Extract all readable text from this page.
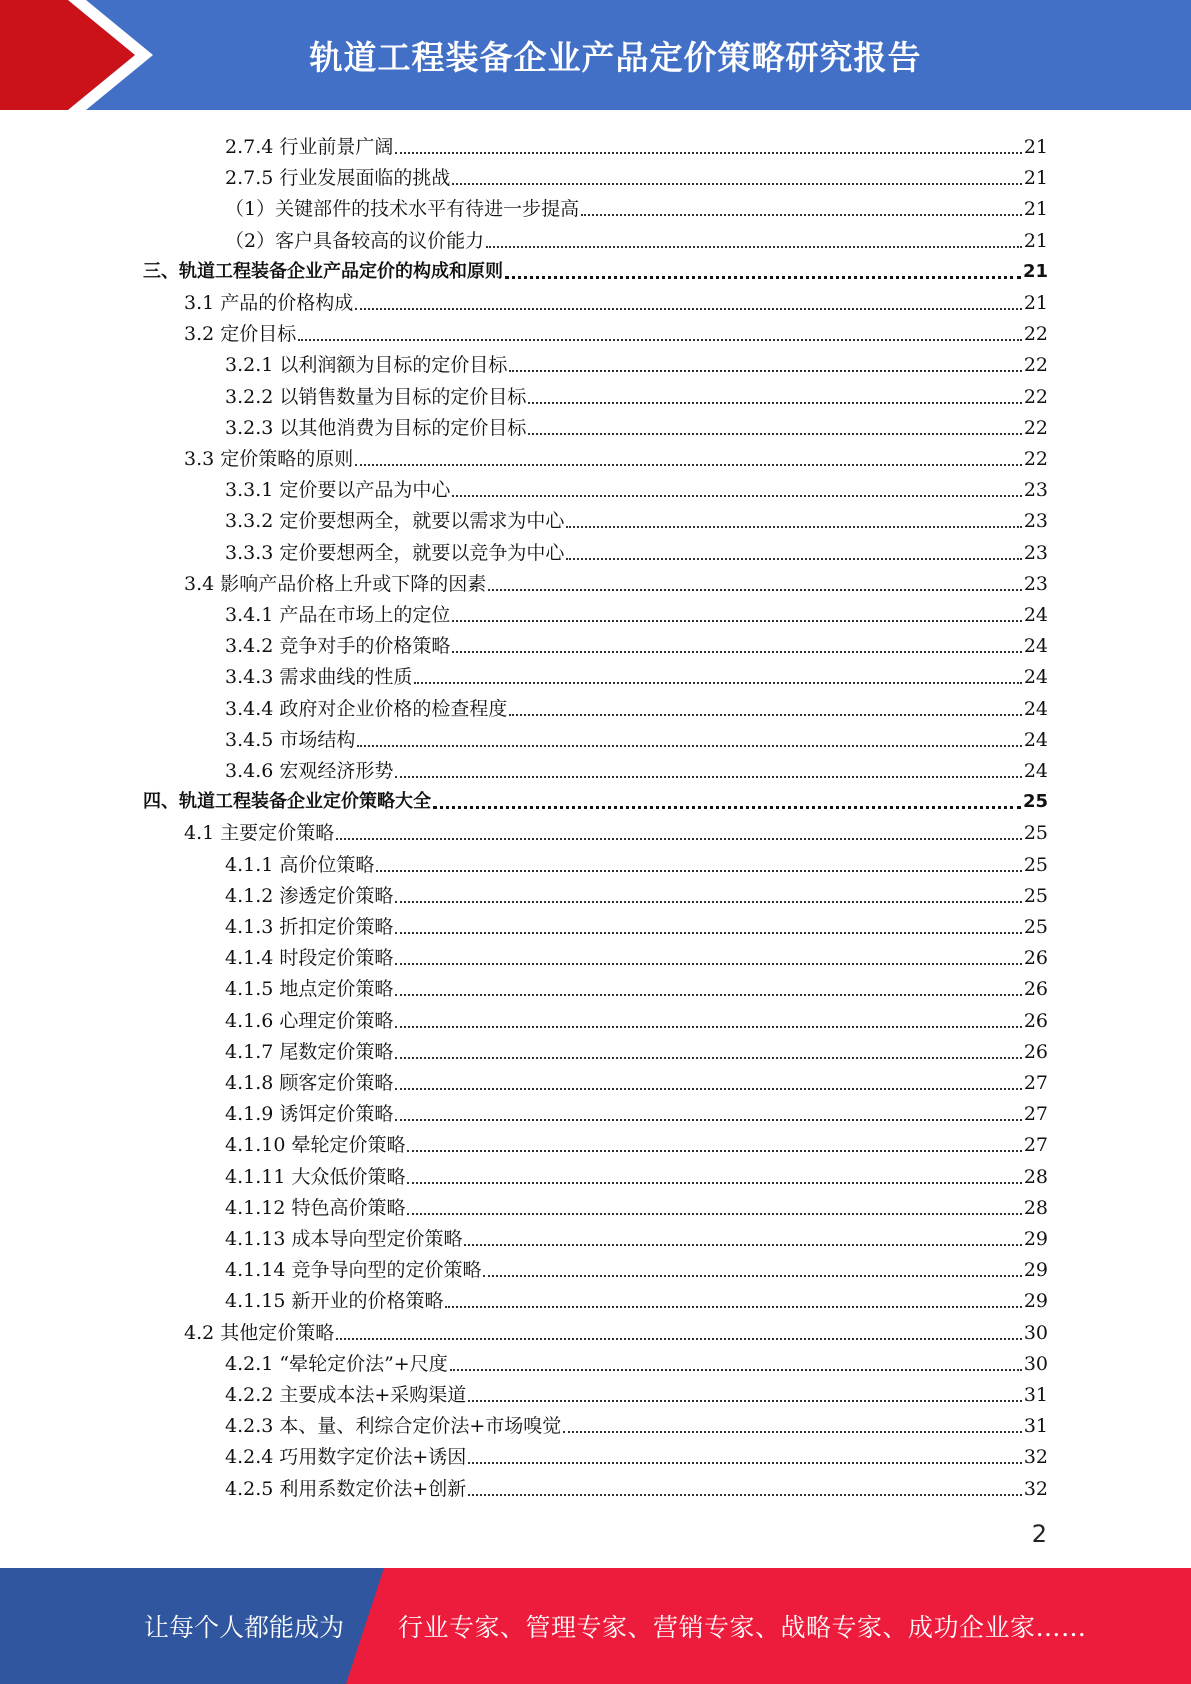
轨道工程装备企业产品定价策略研究报告
2.7.4 行业前景广阔	21
2.7.5 行业发展面临的挑战	21
（1）关键部件的技术水平有待进一步提高	21
（2）客户具备较高的议价能力	21
三、轨道工程装备企业产品定价的构成和原则	21
3.1 产品的价格构成	21
3.2 定价目标	22
3.2.1 以利润额为目标的定价目标	22
3.2.2 以销售数量为目标的定价目标	22
3.2.3 以其他消费为目标的定价目标	22
3.3 定价策略的原则	22
3.3.1 定价要以产品为中心	23
3.3.2 定价要想两全，就要以需求为中心	23
3.3.3 定价要想两全，就要以竞争为中心	23
3.4 影响产品价格上升或下降的因素	23
3.4.1 产品在市场上的定位	24
3.4.2 竞争对手的价格策略	24
3.4.3 需求曲线的性质	24
3.4.4 政府对企业价格的检查程度	24
3.4.5 市场结构	24
3.4.6 宏观经济形势	24
四、轨道工程装备企业定价策略大全	25
4.1 主要定价策略	25
4.1.1 高价位策略	25
4.1.2 渗透定价策略	25
4.1.3 折扣定价策略	25
4.1.4 时段定价策略	26
4.1.5 地点定价策略	26
4.1.6 心理定价策略	26
4.1.7 尾数定价策略	26
4.1.8 顾客定价策略	27
4.1.9 诱饵定价策略	27
4.1.10 晕轮定价策略	27
4.1.11 大众低价策略	28
4.1.12 特色高价策略	28
4.1.13 成本导向型定价策略	29
4.1.14 竞争导向型的定价策略	29
4.1.15 新开业的价格策略	29
4.2 其他定价策略	30
4.2.1 “晕轮定价法”+尺度	30
4.2.2 主要成本法+采购渠道	31
4.2.3 本、量、利综合定价法+市场嗅觉	31
4.2.4 巧用数字定价法+诱因	32
4.2.5 利用系数定价法+创新	32
2
让每个人都能成为 行业专家、管理专家、营销专家、战略专家、成功企业家……
